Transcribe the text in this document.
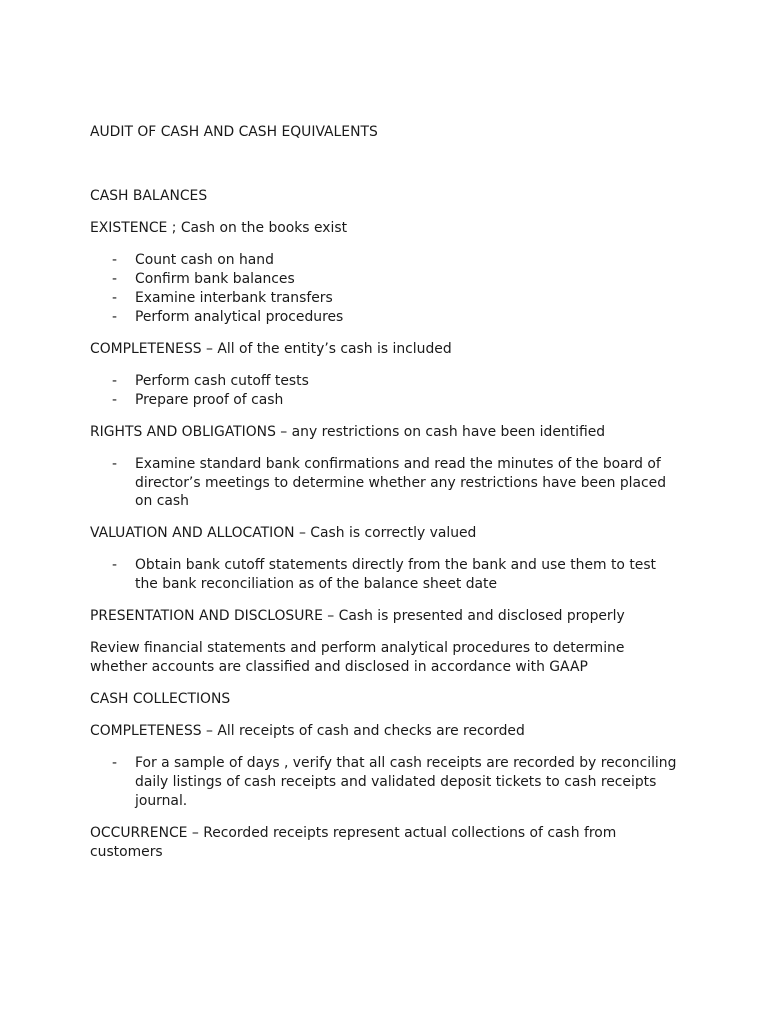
AUDIT OF CASH AND CASH EQUIVALENTS
CASH BALANCES
EXISTENCE ; Cash on the books exist
- Count cash on hand
- Confirm bank balances
- Examine interbank transfers
- Perform analytical procedures
COMPLETENESS – All of the entity’s cash is included
- Perform cash cutoff tests
- Prepare proof of cash
RIGHTS AND OBLIGATIONS – any restrictions on cash have been identified
- Examine standard bank confirmations and read the minutes of the board of
director’s meetings to determine whether any restrictions have been placed
on cash
VALUATION AND ALLOCATION – Cash is correctly valued
- Obtain bank cutoff statements directly from the bank and use them to test
the bank reconciliation as of the balance sheet date
PRESENTATION AND DISCLOSURE – Cash is presented and disclosed properly
Review financial statements and perform analytical procedures to determine
whether accounts are classified and disclosed in accordance with GAAP
CASH COLLECTIONS
COMPLETENESS – All receipts of cash and checks are recorded
- For a sample of days , verify that all cash receipts are recorded by reconciling
daily listings of cash receipts and validated deposit tickets to cash receipts
journal.
OCCURRENCE – Recorded receipts represent actual collections of cash from
customers
